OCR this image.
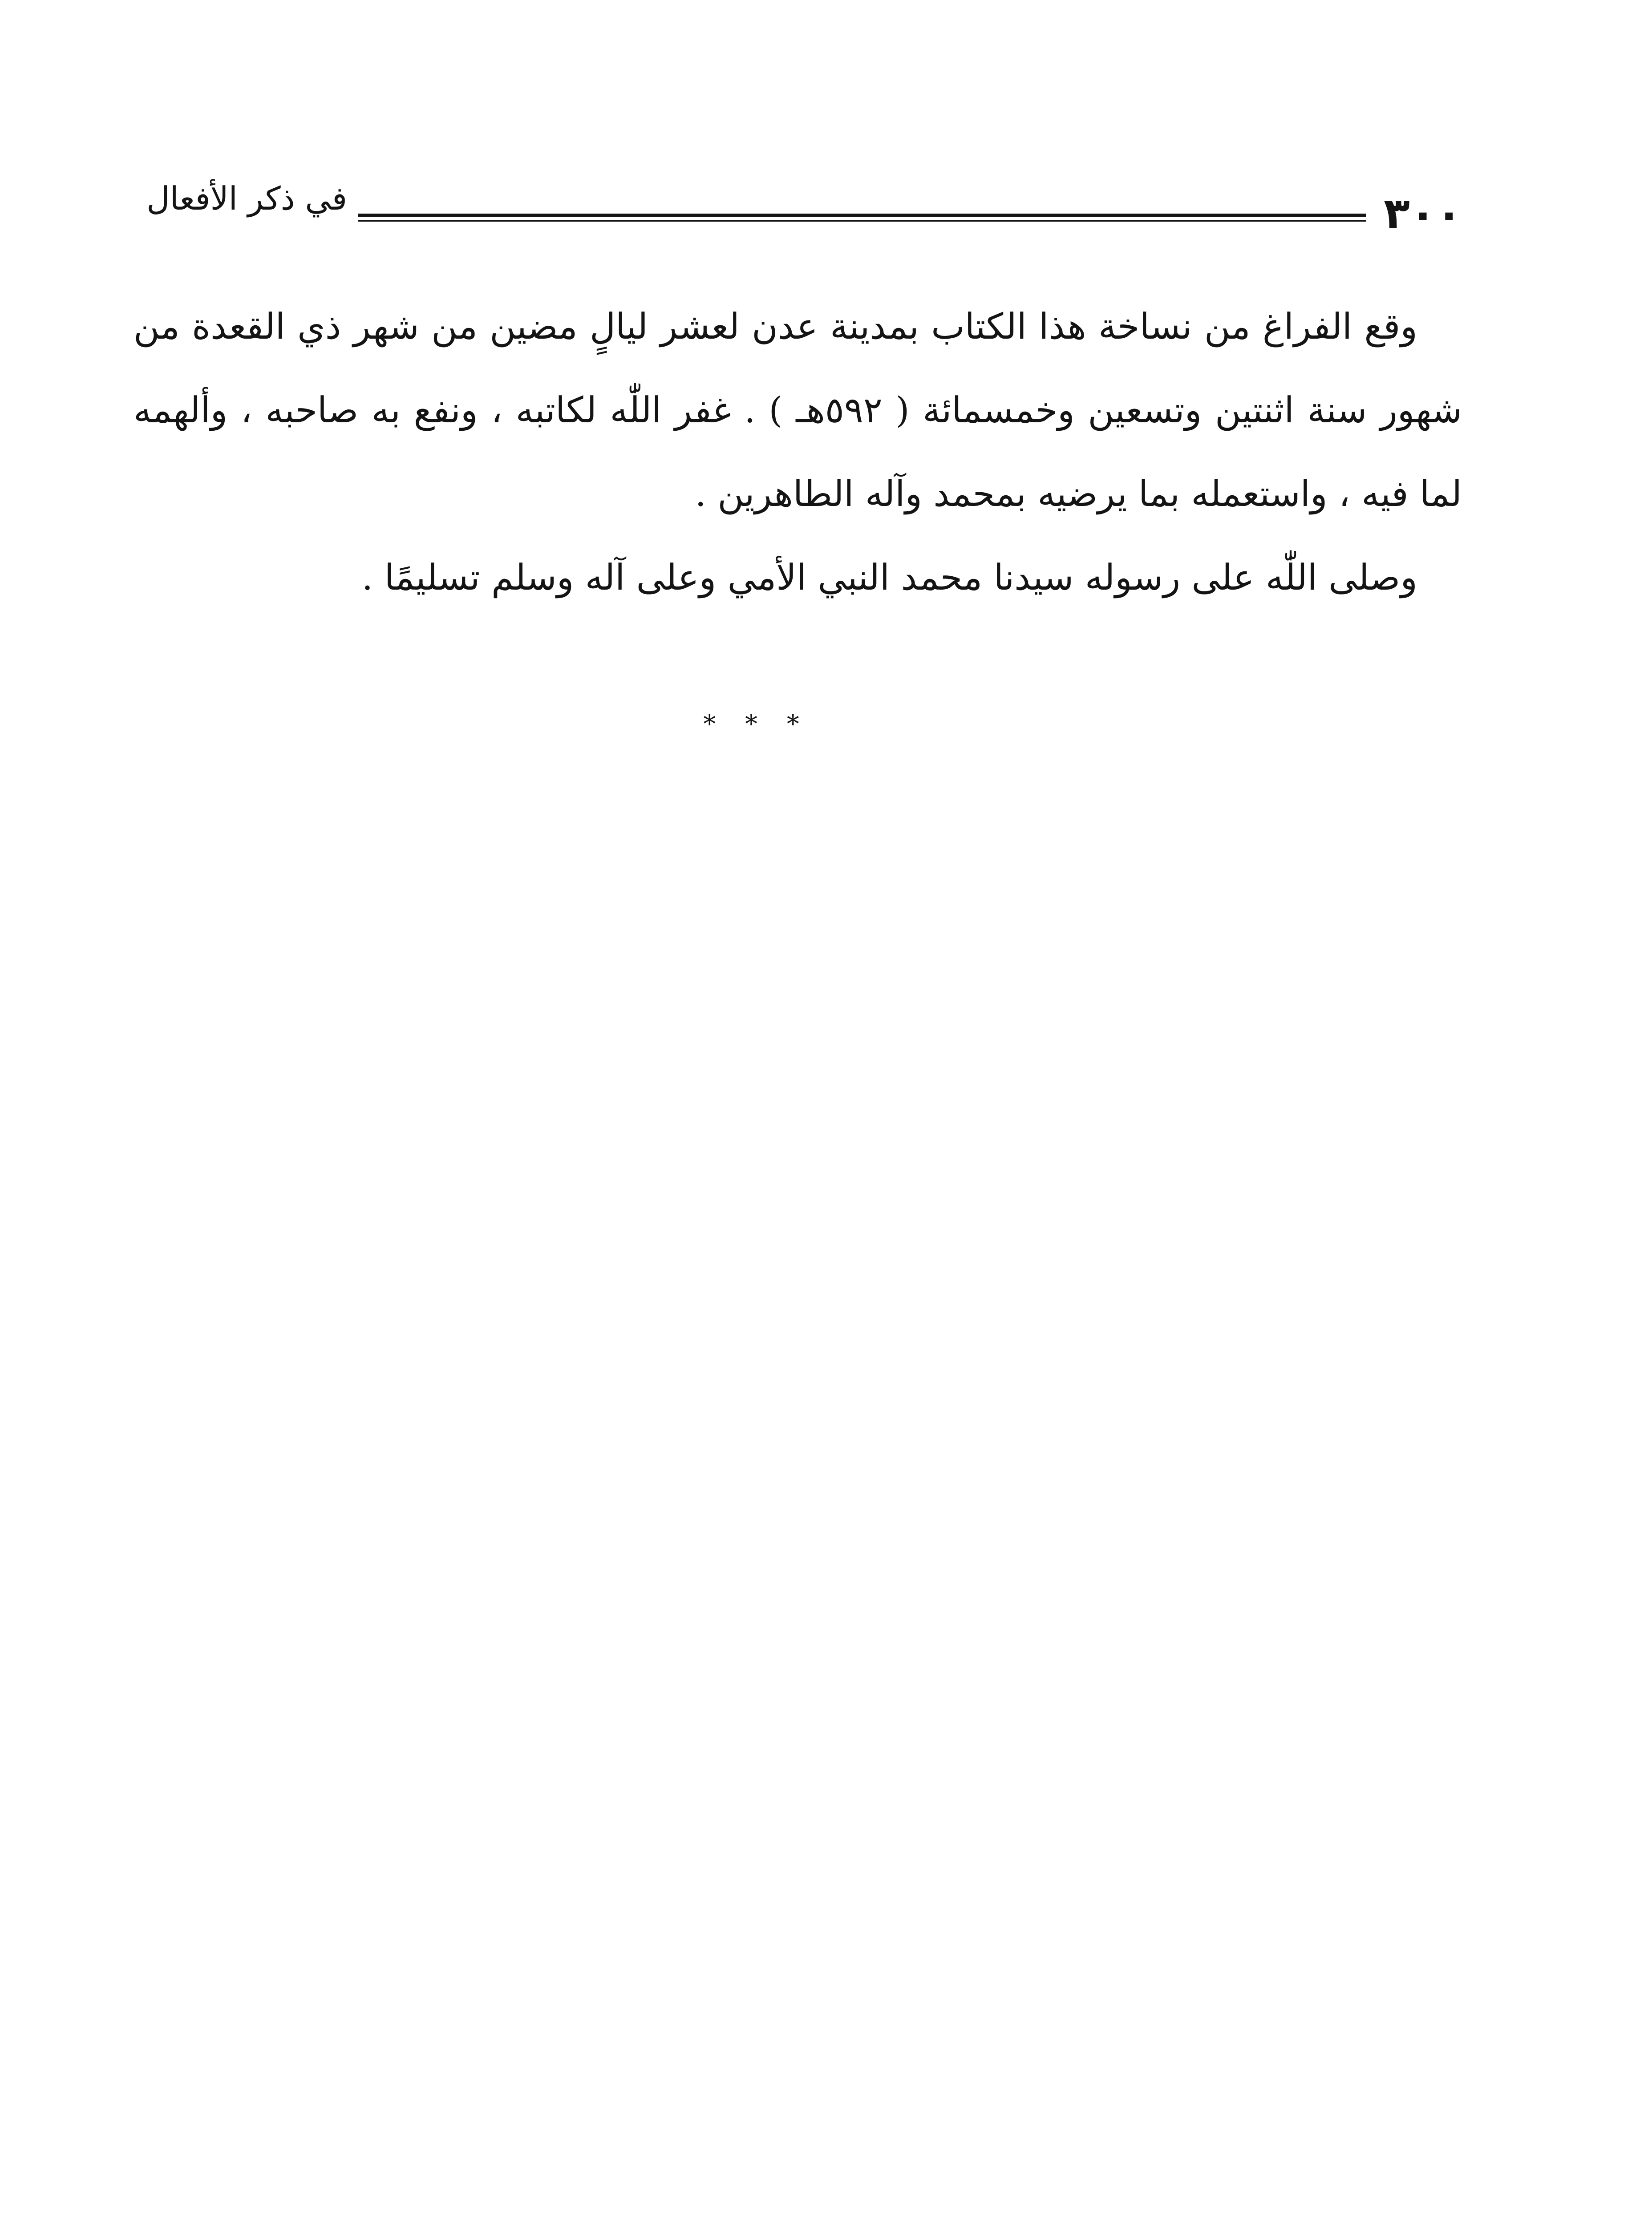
٣٠٠
في ذكر الأفعال

وقع الفراغ من نساخة هذا الكتاب بمدينة عدن لعشر ليالٍ مضين من شهر ذي القعدة من شهور سنة اثنتين وتسعين وخمسمائة ( ٥٩٢هـ ) . غفر اللّٰه لكاتبه ، ونفع به صاحبه ، وألهمه لما فيه ، واستعمله بما يرضيه بمحمد وآله الطاهرين .

وصلى اللّٰه على رسوله سيدنا محمد النبي الأمي وعلى آله وسلم تسليمًا .

* * *
